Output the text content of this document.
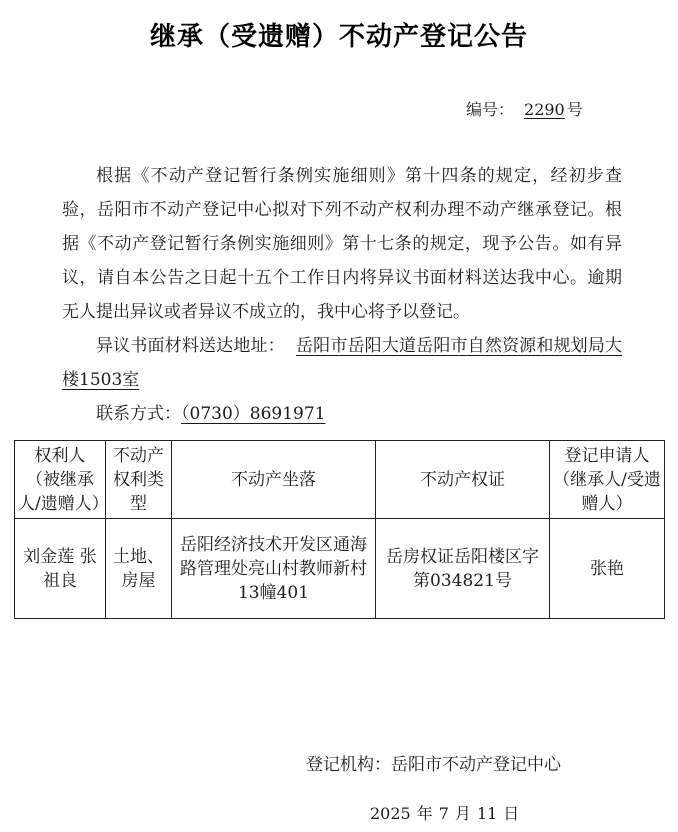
继承（受遗赠）不动产登记公告
编号： 2290 号

根据《不动产登记暂行条例实施细则》第十四条的规定，经初步查验，岳阳市不动产登记中心拟对下列不动产权利办理不动产继承登记。根据《不动产登记暂行条例实施细则》第十七条的规定，现予公告。如有异议，请自本公告之日起十五个工作日内将异议书面材料送达我中心。逾期无人提出异议或者异议不成立的，我中心将予以登记。

异议书面材料送达地址： 岳阳市岳阳大道岳阳市自然资源和规划局大楼1503室

联系方式：（0730）8691971

权利人（被继承人/遗赠人）	不动产权利类型	不动产坐落	不动产权证	登记申请人（继承人/受遗赠人）
刘金莲 张祖良	土地、房屋	岳阳经济技术开发区通海路管理处亮山村教师新村13幢401	岳房权证岳阳楼区字第034821号	张艳
登记机构：岳阳市不动产登记中心
2025 年 7 月 11 日
